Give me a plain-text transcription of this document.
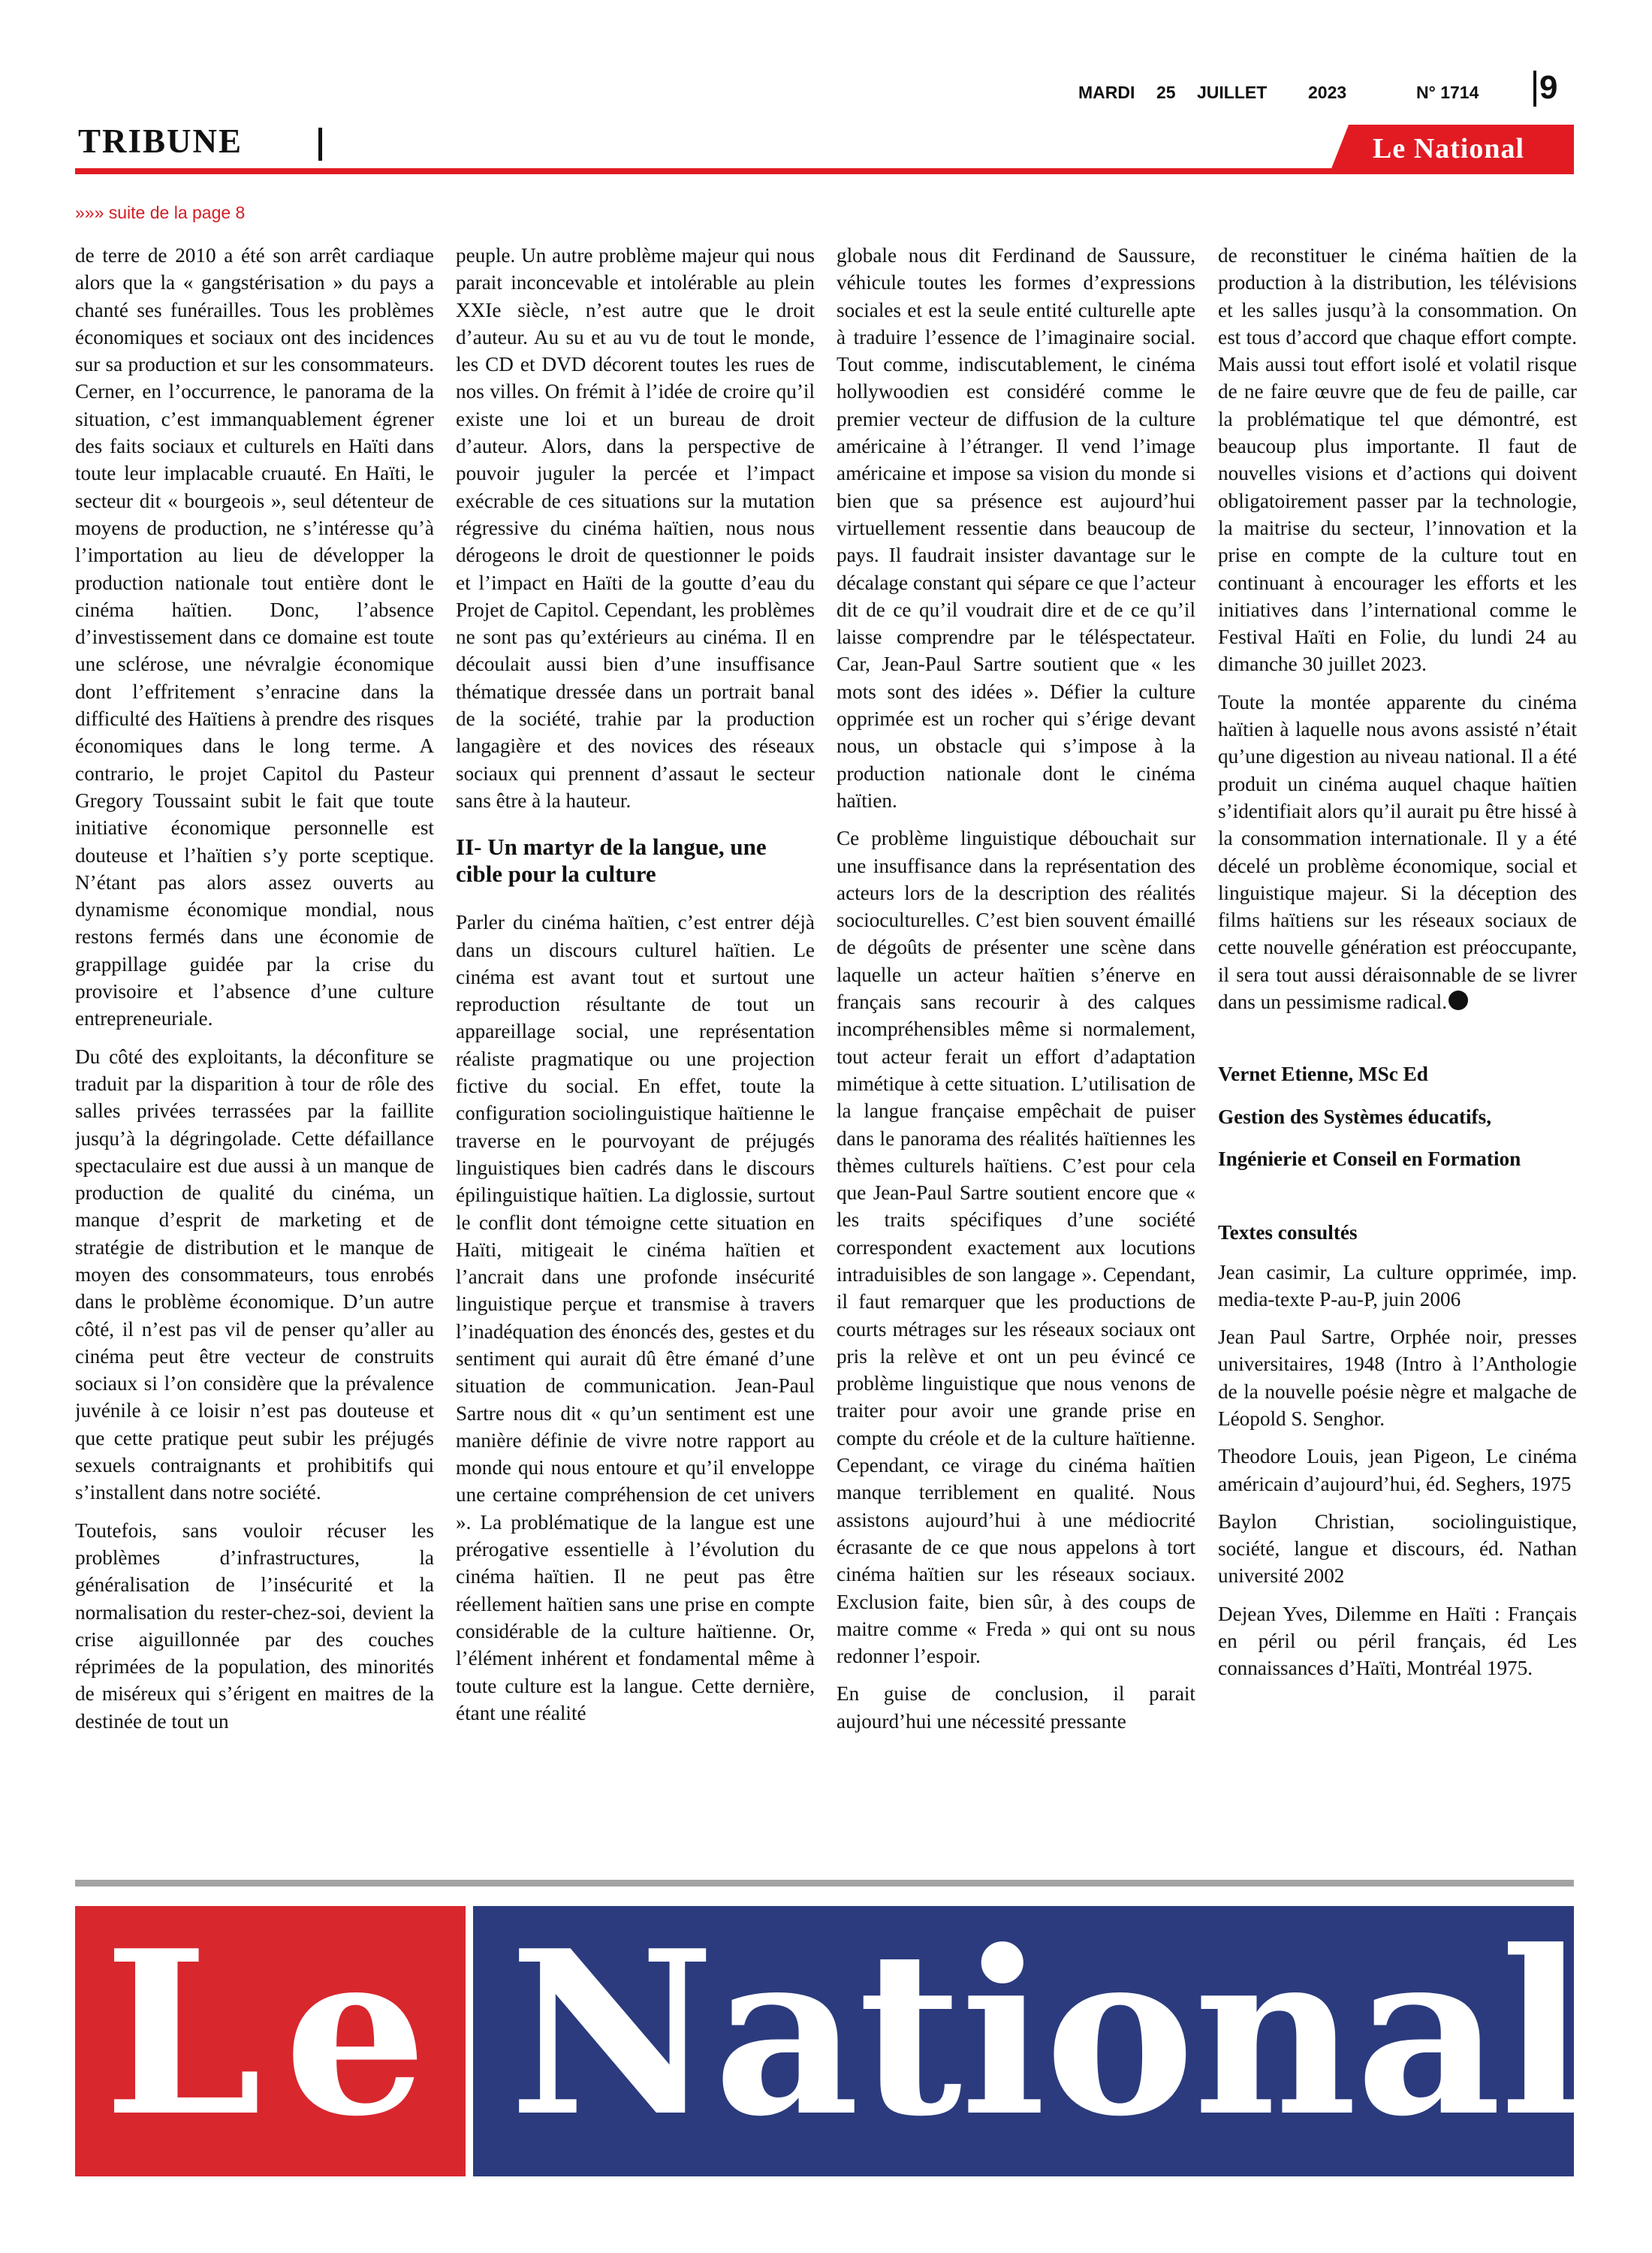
MARDI 25 JUILLET 2023	N° 1714 9
TRIBUNE	Le National
»»» suite de la page 8

de terre de 2010 a été son arrêt cardiaque alors que la « gangstérisation » du pays a chanté ses funérailles. Tous les problèmes économiques et sociaux ont des incidences sur sa production et sur les consommateurs. Cerner, en l’occurrence, le panorama de la situation, c’est immanquablement égrener des faits sociaux et culturels en Haïti dans toute leur implacable cruauté. En Haïti, le secteur dit « bourgeois », seul détenteur de moyens de production, ne s’intéresse qu’à l’importation au lieu de développer la production nationale tout entière dont le cinéma haïtien. Donc, l’absence d’investissement dans ce domaine est toute une sclérose, une névralgie économique dont l’effritement s’enracine dans la difficulté des Haïtiens à prendre des risques économiques dans le long terme. A contrario, le projet Capitol du Pasteur Gregory Toussaint subit le fait que toute initiative économique personnelle est douteuse et l’haïtien s’y porte sceptique. N’étant pas alors assez ouverts au dynamisme économique mondial, nous restons fermés dans une économie de grappillage guidée par la crise du provisoire et l’absence d’une culture entrepreneuriale.

Du côté des exploitants, la déconfiture se traduit par la disparition à tour de rôle des salles privées terrassées par la faillite jusqu’à la dégringolade. Cette défaillance spectaculaire est due aussi à un manque de production de qualité du cinéma, un manque d’esprit de marketing et de stratégie de distribution et le manque de moyen des consommateurs, tous enrobés dans le problème économique. D’un autre côté, il n’est pas vil de penser qu’aller au cinéma peut être vecteur de construits sociaux si l’on considère que la prévalence juvénile à ce loisir n’est pas douteuse et que cette pratique peut subir les préjugés sexuels contraignants et prohibitifs qui s’installent dans notre société.

Toutefois, sans vouloir récuser les problèmes d’infrastructures, la généralisation de l’insécurité et la normalisation du rester-chez-soi, devient la crise aiguillonnée par des couches réprimées de la population, des minorités de miséreux qui s’érigent en maitres de la destinée de tout un

peuple. Un autre problème majeur qui nous parait inconcevable et intolérable au plein XXIe siècle, n’est autre que le droit d’auteur. Au su et au vu de tout le monde, les CD et DVD décorent toutes les rues de nos villes. On frémit à l’idée de croire qu’il existe une loi et un bureau de droit d’auteur. Alors, dans la perspective de pouvoir juguler la percée et l’impact exécrable de ces situations sur la mutation régressive du cinéma haïtien, nous nous dérogeons le droit de questionner le poids et l’impact en Haïti de la goutte d’eau du Projet de Capitol. Cependant, les problèmes ne sont pas qu’extérieurs au cinéma. Il en découlait aussi bien d’une insuffisance thématique dressée dans un portrait banal de la société, trahie par la production langagière et des novices des réseaux sociaux qui prennent d’assaut le secteur sans être à la hauteur.

II- Un martyr de la langue, une cible pour la culture

Parler du cinéma haïtien, c’est entrer déjà dans un discours culturel haïtien. Le cinéma est avant tout et surtout une reproduction résultante de tout un appareillage social, une représentation réaliste pragmatique ou une projection fictive du social. En effet, toute la configuration sociolinguistique haïtienne le traverse en le pourvoyant de préjugés linguistiques bien cadrés dans le discours épilinguistique haïtien. La diglossie, surtout le conflit dont témoigne cette situation en Haïti, mitigeait le cinéma haïtien et l’ancrait dans une profonde insécurité linguistique perçue et transmise à travers l’inadéquation des énoncés des, gestes et du sentiment qui aurait dû être émané d’une situation de communication. Jean-Paul Sartre nous dit « qu’un sentiment est une manière définie de vivre notre rapport au monde qui nous entoure et qu’il enveloppe une certaine compréhension de cet univers ». La problématique de la langue est une prérogative essentielle à l’évolution du cinéma haïtien. Il ne peut pas être réellement haïtien sans une prise en compte considérable de la culture haïtienne. Or, l’élément inhérent et fondamental même à toute culture est la langue. Cette dernière, étant une réalité

globale nous dit Ferdinand de Saussure, véhicule toutes les formes d’expressions sociales et est la seule entité culturelle apte à traduire l’essence de l’imaginaire social. Tout comme, indiscutablement, le cinéma hollywoodien est considéré comme le premier vecteur de diffusion de la culture américaine à l’étranger. Il vend l’image américaine et impose sa vision du monde si bien que sa présence est aujourd’hui virtuellement ressentie dans beaucoup de pays. Il faudrait insister davantage sur le décalage constant qui sépare ce que l’acteur dit de ce qu’il voudrait dire et de ce qu’il laisse comprendre par le téléspectateur. Car, Jean-Paul Sartre soutient que « les mots sont des idées ». Défier la culture opprimée est un rocher qui s’érige devant nous, un obstacle qui s’impose à la production nationale dont le cinéma haïtien.

Ce problème linguistique débouchait sur une insuffisance dans la représentation des acteurs lors de la description des réalités socioculturelles. C’est bien souvent émaillé de dégoûts de présenter une scène dans laquelle un acteur haïtien s’énerve en français sans recourir à des calques incompréhensibles même si normalement, tout acteur ferait un effort d’adaptation mimétique à cette situation. L’utilisation de la langue française empêchait de puiser dans le panorama des réalités haïtiennes les thèmes culturels haïtiens. C’est pour cela que Jean-Paul Sartre soutient encore que « les traits spécifiques d’une société correspondent exactement aux locutions intraduisibles de son langage ». Cependant, il faut remarquer que les productions de courts métrages sur les réseaux sociaux ont pris la relève et ont un peu évincé ce problème linguistique que nous venons de traiter pour avoir une grande prise en compte du créole et de la culture haïtienne. Cependant, ce virage du cinéma haïtien manque terriblement en qualité. Nous assistons aujourd’hui à une médiocrité écrasante de ce que nous appelons à tort cinéma haïtien sur les réseaux sociaux. Exclusion faite, bien sûr, à des coups de maitre comme « Freda » qui ont su nous redonner l’espoir.

En guise de conclusion, il parait aujourd’hui une nécessité pressante

de reconstituer le cinéma haïtien de la production à la distribution, les télévisions et les salles jusqu’à la consommation. On est tous d’accord que chaque effort compte. Mais aussi tout effort isolé et volatil risque de ne faire œuvre que de feu de paille, car la problématique tel que démontré, est beaucoup plus importante. Il faut de nouvelles visions et d’actions qui doivent obligatoirement passer par la technologie, la maitrise du secteur, l’innovation et la prise en compte de la culture tout en continuant à encourager les efforts et les initiatives dans l’international comme le Festival Haïti en Folie, du lundi 24 au dimanche 30 juillet 2023.

Toute la montée apparente du cinéma haïtien à laquelle nous avons assisté n’était qu’une digestion au niveau national. Il a été produit un cinéma auquel chaque haïtien s’identifiait alors qu’il aurait pu être hissé à la consommation internationale. Il y a été décelé un problème économique, social et linguistique majeur. Si la déception des films haïtiens sur les réseaux sociaux de cette nouvelle génération est préoccupante, il sera tout aussi déraisonnable de se livrer dans un pessimisme radical.

Vernet Etienne, MSc Ed

Gestion des Systèmes éducatifs,

Ingénierie et Conseil en Formation

Textes consultés

Jean casimir, La culture opprimée, imp. media-texte P-au-P, juin 2006

Jean Paul Sartre, Orphée noir, presses universitaires, 1948 (Intro à l’Anthologie de la nouvelle poésie nègre et malgache de Léopold S. Senghor.

Theodore Louis, jean Pigeon, Le cinéma américain d’aujourd’hui, éd. Seghers, 1975

Baylon Christian, sociolinguistique, société, langue et discours, éd. Nathan université 2002

Dejean Yves, Dilemme en Haïti : Français en péril ou péril français, éd Les connaissances d’Haïti, Montréal 1975.

L e National
